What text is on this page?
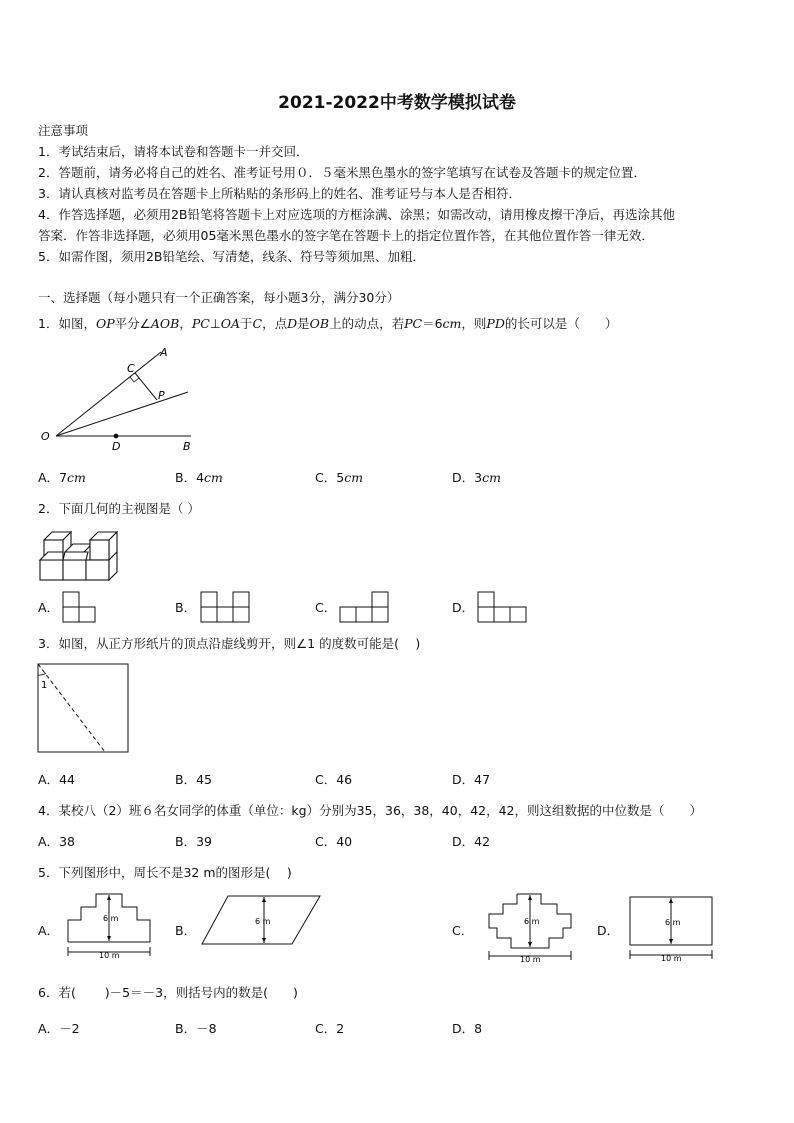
2021-2022中考数学模拟试卷
注意事项
1．考试结束后，请将本试卷和答题卡一并交回．
2．答题前，请务必将自己的姓名、准考证号用０．５毫米黑色墨水的签字笔填写在试卷及答题卡的规定位置．
3．请认真核对监考员在答题卡上所粘贴的条形码上的姓名、准考证号与本人是否相符．
4．作答选择题，必须用2B铅笔将答题卡上对应选项的方框涂满、涂黑；如需改动，请用橡皮擦干净后，再选涂其他
答案．作答非选择题，必须用05毫米黑色墨水的签字笔在答题卡上的指定位置作答，在其他位置作答一律无效．
5．如需作图，须用2B铅笔绘、写清楚，线条、符号等须加黑、加粗．
一、选择题（每小题只有一个正确答案，每小题3分，满分30分）
1．如图，OP平分∠AOB，PC⊥OA于C，点D是OB上的动点，若PC＝6cm，则PD的长可以是（　　）
A
C
P
O
D	B
A．7cm	B．4cm	C．5cm	D．3cm
2．下面几何的主视图是（ ）
A．	B．	C．	D．
3．如图，从正方形纸片的顶点沿虚线剪开，则∠1 的度数可能是(　 )
1
A．44	B．45	C．46	D．47
4．某校八（2）班６名女同学的体重（单位：kg）分别为35，36，38，40，42，42，则这组数据的中位数是（　　）
A．38	B．39	C．40	D．42
5．下列图形中，周长不是32 m的图形是(　 )
A．
6 m
10 m
B．
6 m
C．
6 m
10 m
D．
6 m
10 m
6．若(　　 )－5＝－3，则括号内的数是(　　)
A．－2	B．－8	C．2	D．8
